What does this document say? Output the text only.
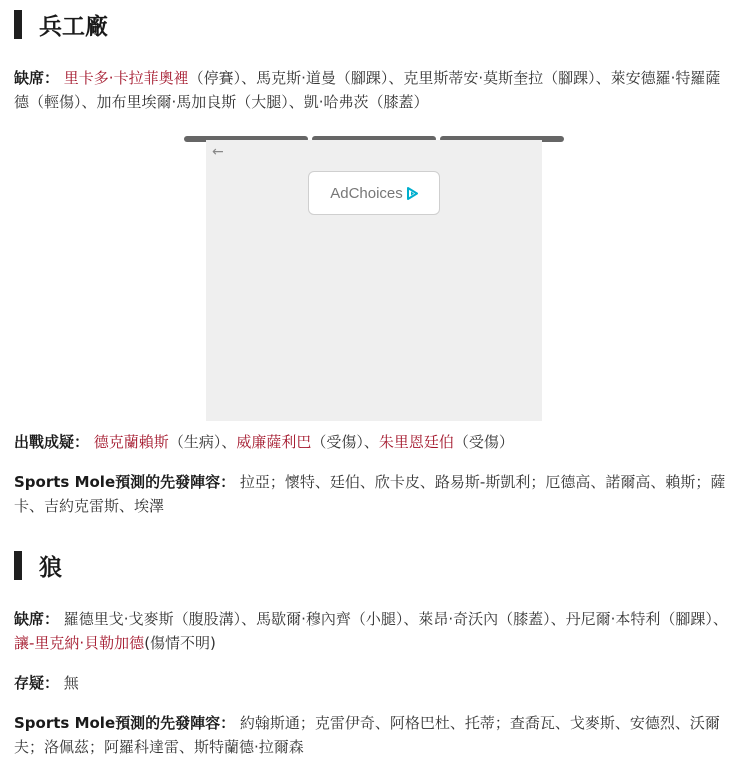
兵工廠

缺席： 里卡多·卡拉菲奧裡（停賽）、馬克斯·道曼（腳踝）、克里斯蒂安·莫斯奎拉（腳踝）、萊安德羅·特羅薩德（輕傷）、加布里埃爾·馬加良斯（大腿）、凱·哈弗茨（膝蓋）

←
AdChoices

出戰成疑： 德克蘭賴斯（生病）、威廉薩利巴（受傷）、朱里恩廷伯（受傷）

Sports Mole預測的先發陣容： 拉亞；懷特、廷伯、欣卡皮、路易斯-斯凱利；厄德高、諾爾高、賴斯；薩卡、吉約克雷斯、埃澤

狼

缺席： 羅德里戈·戈麥斯（腹股溝）、馬歇爾·穆內齊（小腿）、萊昂·奇沃內（膝蓋）、丹尼爾·本特利（腳踝）、 讓-里克納·貝勒加德(傷情不明)

存疑： 無

Sports Mole預測的先發陣容： 約翰斯通；克雷伊奇、阿格巴杜、托蒂；查喬瓦、戈麥斯、安德烈、沃爾夫；洛佩茲；阿羅科達雷、斯特蘭德·拉爾森
